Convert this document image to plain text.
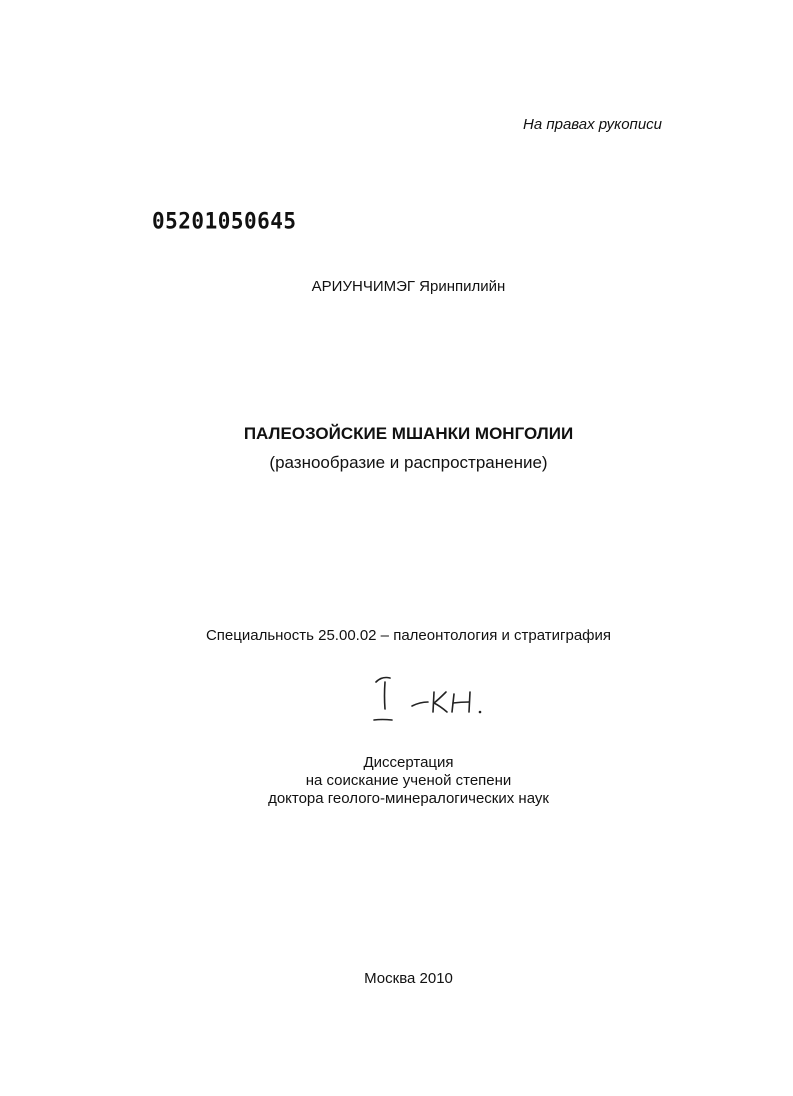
На правах рукописи
05201050645
АРИУНЧИМЭГ Яринпилийн
ПАЛЕОЗОЙСКИЕ МШАНКИ МОНГОЛИИ
(разнообразие и распространение)
Специальность 25.00.02 – палеонтология и стратиграфия
Диссертация
на соискание ученой степени
доктора геолого-минералогических наук
Москва 2010
